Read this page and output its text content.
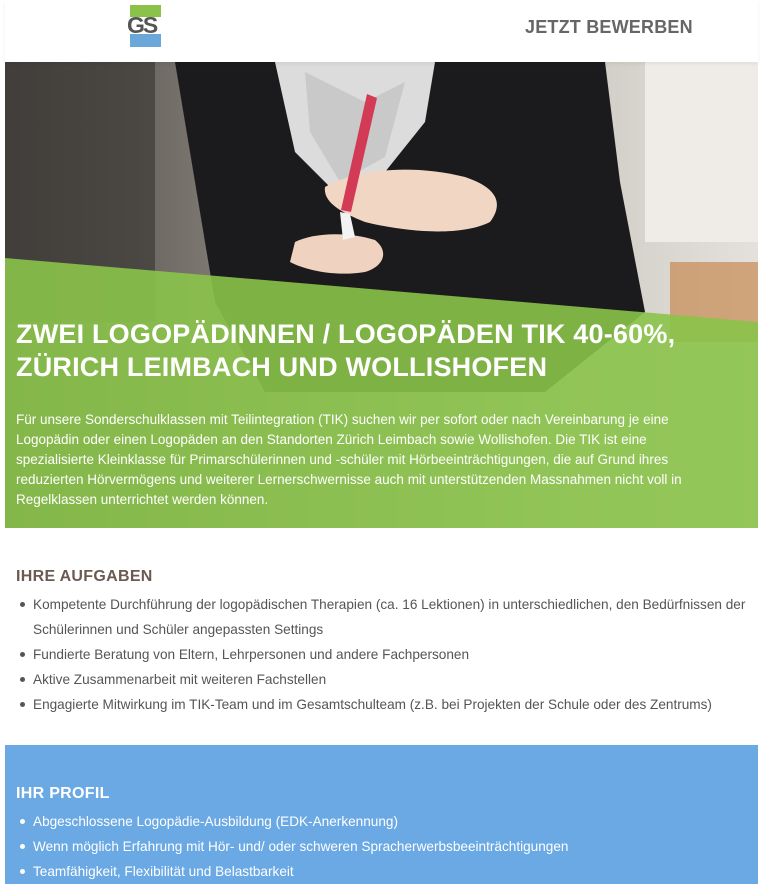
GS	JETZT BEWERBEN
ZWEI LOGOPÄDINNEN / LOGOPÄDEN TIK 40-60%, ZÜRICH LEIMBACH UND WOLLISHOFEN

Für unsere Sonderschulklassen mit Teilintegration (TIK) suchen wir per sofort oder nach Vereinbarung je eine Logopädin oder einen Logopäden an den Standorten Zürich Leimbach sowie Wollishofen. Die TIK ist eine spezialisierte Kleinklasse für Primarschülerinnen und -schüler mit Hörbeeinträchtigungen, die auf Grund ihres reduzierten Hörvermögens und weiterer Lernerschwernisse auch mit unterstützenden Massnahmen nicht voll in Regelklassen unterrichtet werden können.

IHRE AUFGABEN
Kompetente Durchführung der logopädischen Therapien (ca. 16 Lektionen) in unterschiedlichen, den Bedürfnissen der Schülerinnen und Schüler angepassten Settings
Fundierte Beratung von Eltern, Lehrpersonen und andere Fachpersonen
Aktive Zusammenarbeit mit weiteren Fachstellen
Engagierte Mitwirkung im TIK-Team und im Gesamtschulteam (z.B. bei Projekten der Schule oder des Zentrums)
IHR PROFIL
Abgeschlossene Logopädie-Ausbildung (EDK-Anerkennung)
Wenn möglich Erfahrung mit Hör- und/ oder schweren Spracherwerbsbeeinträchtigungen
Teamfähigkeit, Flexibilität und Belastbarkeit
